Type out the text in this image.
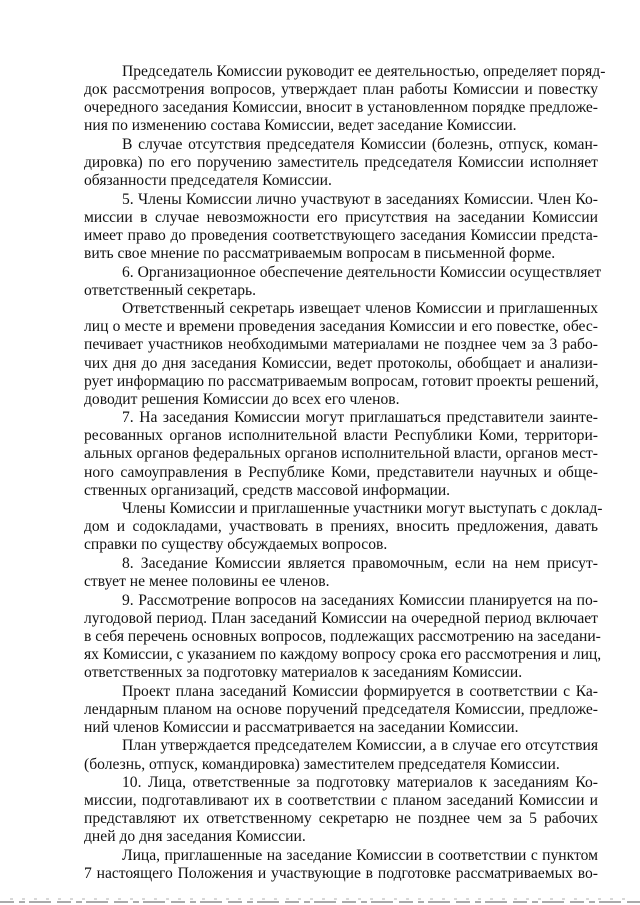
Председатель Комиссии руководит ее деятельностью, определяет поряд-
док рассмотрения вопросов, утверждает план работы Комиссии и повестку
очередного заседания Комиссии, вносит в установленном порядке предложе-
ния по изменению состава Комиссии, ведет заседание Комиссии.
В случае отсутствия председателя Комиссии (болезнь, отпуск, коман-
дировка) по его поручению заместитель председателя Комиссии исполняет
обязанности председателя Комиссии.
5. Члены Комиссии лично участвуют в заседаниях Комиссии. Член Ко-
миссии в случае невозможности его присутствия на заседании Комиссии
имеет право до проведения соответствующего заседания Комиссии предста-
вить свое мнение по рассматриваемым вопросам в письменной форме.
6. Организационное обеспечение деятельности Комиссии осуществляет
ответственный секретарь.
Ответственный секретарь извещает членов Комиссии и приглашенных
лиц о месте и времени проведения заседания Комиссии и его повестке, обес-
печивает участников необходимыми материалами не позднее чем за 3 рабо-
чих дня до дня заседания Комиссии, ведет протоколы, обобщает и анализи-
рует информацию по рассматриваемым вопросам, готовит проекты решений,
доводит решения Комиссии до всех его членов.
7. На заседания Комиссии могут приглашаться представители заинте-
ресованных органов исполнительной власти Республики Коми, территори-
альных органов федеральных органов исполнительной власти, органов мест-
ного самоуправления в Республике Коми, представители научных и обще-
ственных организаций, средств массовой информации.
Члены Комиссии и приглашенные участники могут выступать с доклад-
дом и содокладами, участвовать в прениях, вносить предложения, давать
справки по существу обсуждаемых вопросов.
8. Заседание Комиссии является правомочным, если на нем присут-
ствует не менее половины ее членов.
9. Рассмотрение вопросов на заседаниях Комиссии планируется на по-
лугодовой период. План заседаний Комиссии на очередной период включает
в себя перечень основных вопросов, подлежащих рассмотрению на заседани-
ях Комиссии, с указанием по каждому вопросу срока его рассмотрения и лиц,
ответственных за подготовку материалов к заседаниям Комиссии.
Проект плана заседаний Комиссии формируется в соответствии с Ка-
лендарным планом на основе поручений председателя Комиссии, предложе-
ний членов Комиссии и рассматривается на заседании Комиссии.
План утверждается председателем Комиссии, а в случае его отсутствия
(болезнь, отпуск, командировка) заместителем председателя Комиссии.
10. Лица, ответственные за подготовку материалов к заседаниям Ко-
миссии, подготавливают их в соответствии с планом заседаний Комиссии и
представляют их ответственному секретарю не позднее чем за 5 рабочих
дней до дня заседания Комиссии.
Лица, приглашенные на заседание Комиссии в соответствии с пунктом
7 настоящего Положения и участвующие в подготовке рассматриваемых во-
